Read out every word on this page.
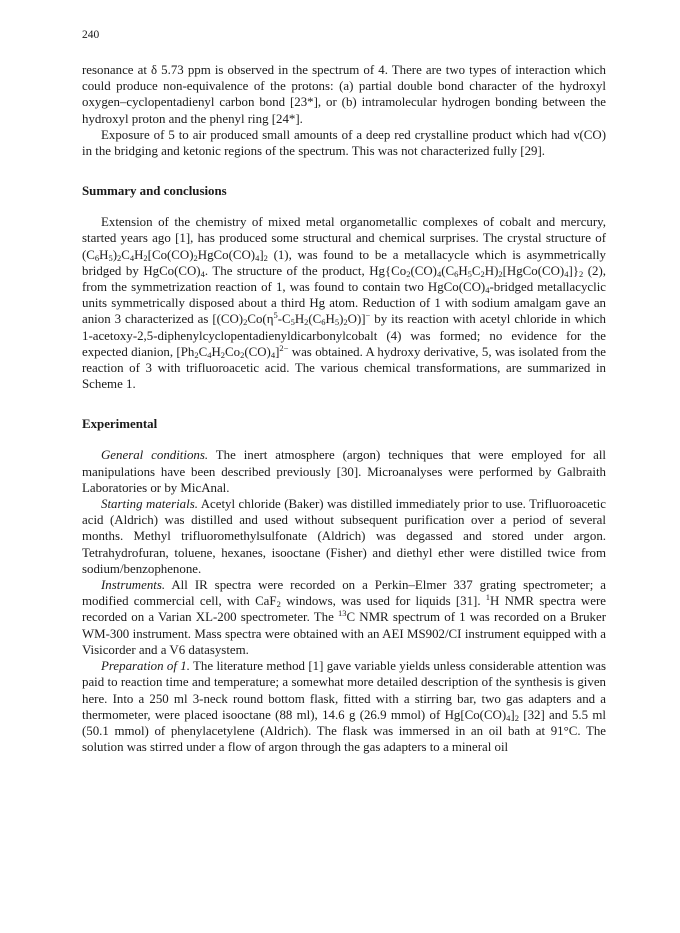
240

resonance at δ 5.73 ppm is observed in the spectrum of 4. There are two types of interaction which could produce non-equivalence of the protons: (a) partial double bond character of the hydroxyl oxygen–cyclopentadienyl carbon bond [23*], or (b) intramolecular hydrogen bonding between the hydroxyl proton and the phenyl ring [24*].

Exposure of 5 to air produced small amounts of a deep red crystalline product which had ν(CO) in the bridging and ketonic regions of the spectrum. This was not characterized fully [29].

Summary and conclusions

Extension of the chemistry of mixed metal organometallic complexes of cobalt and mercury, started years ago [1], has produced some structural and chemical surprises. The crystal structure of $(C_6H_5)_2C_4H_2[Co(CO)_2HgCo(CO)_4]_2$ (1), was found to be a metallacycle which is asymmetrically bridged by $HgCo(CO)_4$. The structure of the product, $Hg\{Co_2(CO)_4(C_6H_5C_2H)_2[HgCo(CO)_4]\}_2$ (2), from the symmetrization reaction of 1, was found to contain two $HgCo(CO)_4$-bridged metallacyclic units symmetrically disposed about a third Hg atom. Reduction of 1 with sodium amalgam gave an anion 3 characterized as $[(CO)_2Co(\eta^5-C_5H_2(C_6H_5)_2O)]^-$ by its reaction with acetyl chloride in which 1-acetoxy-2,5-diphenylcyclopentadienyldicarbonylcobalt (4) was formed; no evidence for the expected dianion, $[Ph_2C_4H_2Co_2(CO)_4]^{2-}$ was obtained. A hydroxy derivative, 5, was isolated from the reaction of 3 with trifluoroacetic acid. The various chemical transformations, are summarized in Scheme 1.

Experimental

General conditions. The inert atmosphere (argon) techniques that were employed for all manipulations have been described previously [30]. Microanalyses were performed by Galbraith Laboratories or by MicAnal.

Starting materials. Acetyl chloride (Baker) was distilled immediately prior to use. Trifluoroacetic acid (Aldrich) was distilled and used without subsequent purification over a period of several months. Methyl trifluoromethylsulfonate (Aldrich) was degassed and stored under argon. Tetrahydrofuran, toluene, hexanes, isooctane (Fisher) and diethyl ether were distilled twice from sodium/benzophenone.

Instruments. All IR spectra were recorded on a Perkin–Elmer 337 grating spectrometer; a modified commercial cell, with CaF$_2$ windows, was used for liquids [31]. $^1$H NMR spectra were recorded on a Varian XL-200 spectrometer. The $^{13}$C NMR spectrum of 1 was recorded on a Bruker WM-300 instrument. Mass spectra were obtained with an AEI MS902/CI instrument equipped with a Visicorder and a V6 datasystem.

Preparation of 1. The literature method [1] gave variable yields unless considerable attention was paid to reaction time and temperature; a somewhat more detailed description of the synthesis is given here. Into a 250 ml 3-neck round bottom flask, fitted with a stirring bar, two gas adapters and a thermometer, were placed isooctane (88 ml), 14.6 g (26.9 mmol) of $Hg[Co(CO)_4]_2$ [32] and 5.5 ml (50.1 mmol) of phenylacetylene (Aldrich). The flask was immersed in an oil bath at 91°C. The solution was stirred under a flow of argon through the gas adapters to a mineral oil
